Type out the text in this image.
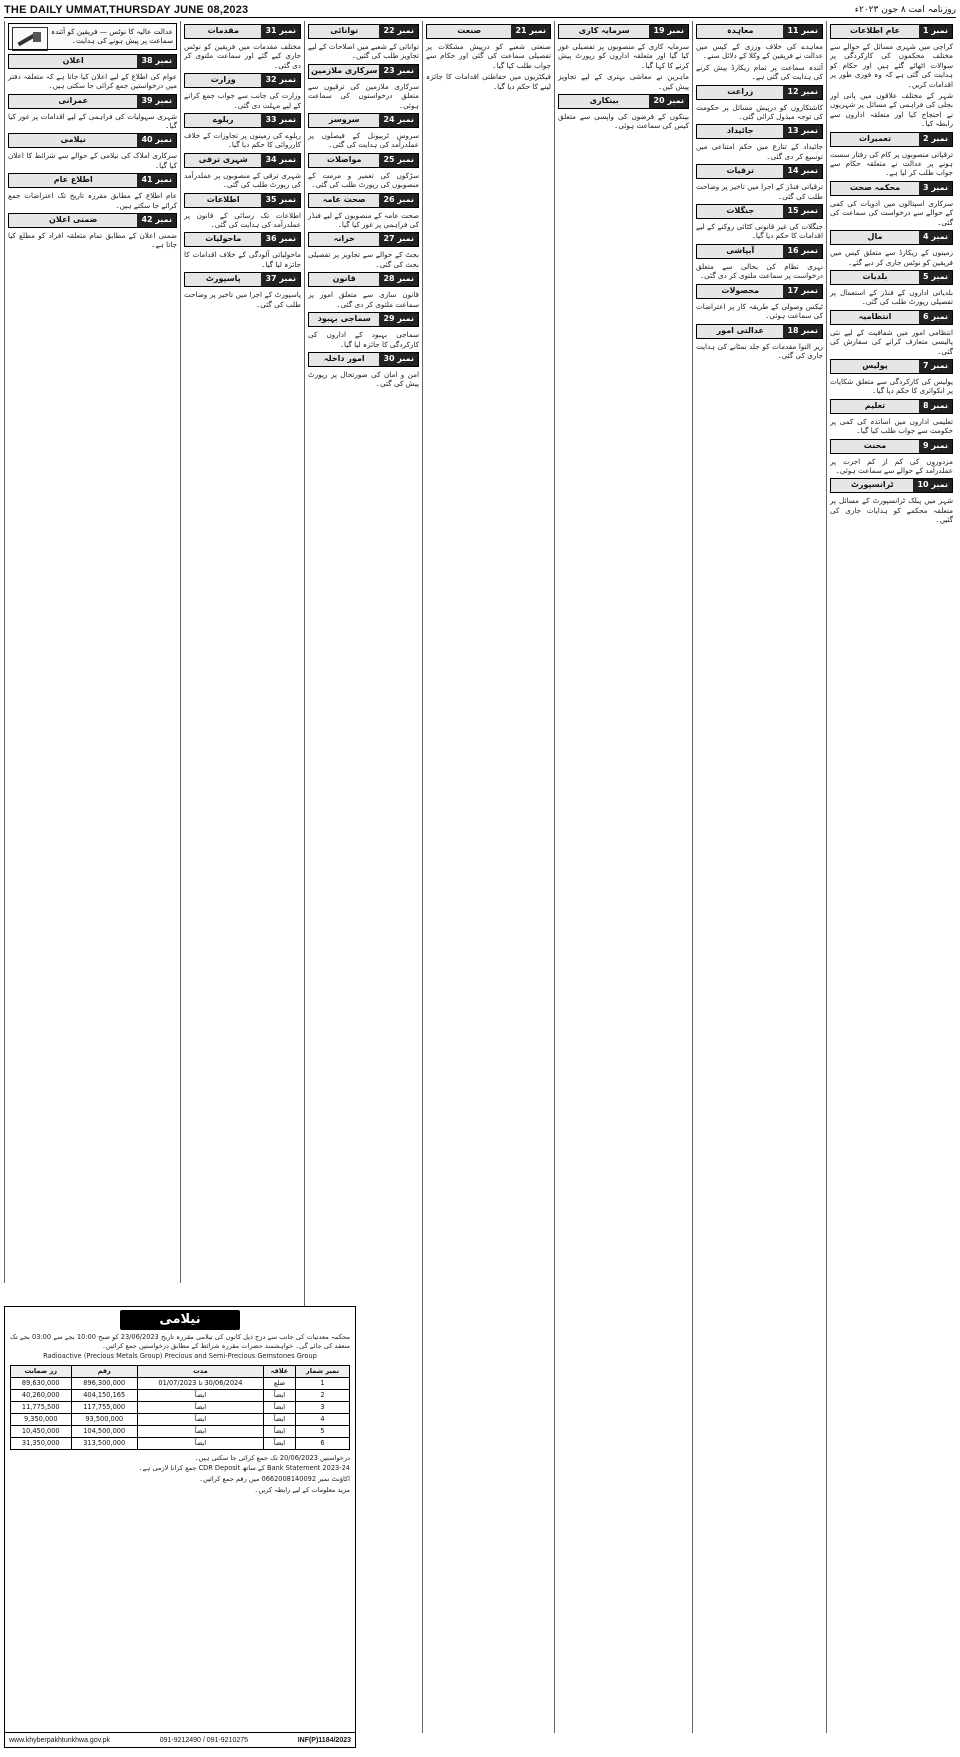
THE DAILY UMMAT,THURSDAY JUNE 08,2023	روزنامہ امت ۸ جون ۲۰۲۳ء
نمبر 1
عام اطلاعات

کراچی میں شہری مسائل کے حوالے سے مختلف محکموں کی کارکردگی پر سوالات اٹھائے گئے ہیں اور حکام کو ہدایت کی گئی ہے کہ وہ فوری طور پر اقدامات کریں۔

شہر کے مختلف علاقوں میں پانی اور بجلی کی فراہمی کے مسائل پر شہریوں نے احتجاج کیا اور متعلقہ اداروں سے رابطہ کیا۔

نمبر 2
تعمیرات

ترقیاتی منصوبوں پر کام کی رفتار سست ہونے پر عدالت نے متعلقہ حکام سے جواب طلب کر لیا ہے۔

نمبر 3
محکمہ صحت

سرکاری اسپتالوں میں ادویات کی کمی کے حوالے سے درخواست کی سماعت کی گئی۔

نمبر 4
مال

زمینوں کے ریکارڈ سے متعلق کیس میں فریقین کو نوٹس جاری کر دیے گئے۔

نمبر 5
بلدیات

بلدیاتی اداروں کے فنڈز کے استعمال پر تفصیلی رپورٹ طلب کی گئی۔

نمبر 6
انتظامیہ

انتظامی امور میں شفافیت کے لیے نئی پالیسی متعارف کرانے کی سفارش کی گئی۔

نمبر 7
پولیس

پولیس کی کارکردگی سے متعلق شکایات پر انکوائری کا حکم دیا گیا۔

نمبر 8
تعلیم

تعلیمی اداروں میں اساتذہ کی کمی پر حکومت سے جواب طلب کیا گیا۔

نمبر 9
محنت

مزدوروں کی کم از کم اجرت پر عملدرآمد کے حوالے سے سماعت ہوئی۔

نمبر 10
ٹرانسپورٹ

شہر میں پبلک ٹرانسپورٹ کے مسائل پر متعلقہ محکمے کو ہدایات جاری کی گئیں۔

نمبر 11
معاہدہ

معاہدے کی خلاف ورزی کے کیس میں عدالت نے فریقین کے وکلا کے دلائل سنے۔

آئندہ سماعت پر تمام ریکارڈ پیش کرنے کی ہدایت کی گئی ہے۔

نمبر 12
زراعت

کاشتکاروں کو درپیش مسائل پر حکومت کی توجہ مبذول کرائی گئی۔

نمبر 13
جائیداد

جائیداد کے تنازع میں حکم امتناعی میں توسیع کر دی گئی۔

نمبر 14
ترقیات

ترقیاتی فنڈز کے اجرا میں تاخیر پر وضاحت طلب کی گئی۔

نمبر 15
جنگلات

جنگلات کی غیر قانونی کٹائی روکنے کے لیے اقدامات کا حکم دیا گیا۔

نمبر 16
آبپاشی

نہری نظام کی بحالی سے متعلق درخواست پر سماعت ملتوی کر دی گئی۔

نمبر 17
محصولات

ٹیکس وصولی کے طریقہ کار پر اعتراضات کی سماعت ہوئی۔

نمبر 18
عدالتی امور

زیر التوا مقدمات کو جلد نمٹانے کی ہدایت جاری کی گئی۔

نمبر 19
سرمایہ کاری

سرمایہ کاری کے منصوبوں پر تفصیلی غور کیا گیا اور متعلقہ اداروں کو رپورٹ پیش کرنے کا کہا گیا۔

ماہرین نے معاشی بہتری کے لیے تجاویز پیش کیں۔

نمبر 20
بینکاری

بینکوں کے قرضوں کی واپسی سے متعلق کیس کی سماعت ہوئی۔

نمبر 21
صنعت

صنعتی شعبے کو درپیش مشکلات پر تفصیلی سماعت کی گئی اور حکام سے جواب طلب کیا گیا۔

فیکٹریوں میں حفاظتی اقدامات کا جائزہ لینے کا حکم دیا گیا۔

نمبر 22
توانائی

توانائی کے شعبے میں اصلاحات کے لیے تجاویز طلب کی گئیں۔

نمبر 23
سرکاری ملازمین

سرکاری ملازمین کی ترقیوں سے متعلق درخواستوں کی سماعت ہوئی۔

نمبر 24
سروسز

سروس ٹربیونل کے فیصلوں پر عملدرآمد کی ہدایت کی گئی۔

نمبر 25
مواصلات

سڑکوں کی تعمیر و مرمت کے منصوبوں کی رپورٹ طلب کی گئی۔

نمبر 26
صحت عامہ

صحت عامہ کے منصوبوں کے لیے فنڈز کی فراہمی پر غور کیا گیا۔

نمبر 27
خزانہ

بجٹ کے حوالے سے تجاویز پر تفصیلی بحث کی گئی۔

نمبر 28
قانون

قانون سازی سے متعلق امور پر سماعت ملتوی کر دی گئی۔

نمبر 29
سماجی بہبود

سماجی بہبود کے اداروں کی کارکردگی کا جائزہ لیا گیا۔

نمبر 30
امور داخلہ

امن و امان کی صورتحال پر رپورٹ پیش کی گئی۔

نمبر 31
مقدمات

مختلف مقدمات میں فریقین کو نوٹس جاری کیے گئے اور سماعت ملتوی کر دی گئی۔

نمبر 32
وزارت

وزارت کی جانب سے جواب جمع کرانے کے لیے مہلت دی گئی۔

نمبر 33
ریلوے

ریلوے کی زمینوں پر تجاوزات کے خلاف کارروائی کا حکم دیا گیا۔

نمبر 34
شہری ترقی

شہری ترقی کے منصوبوں پر عملدرآمد کی رپورٹ طلب کی گئی۔

نمبر 35
اطلاعات

اطلاعات تک رسائی کے قانون پر عملدرآمد کی ہدایت کی گئی۔

نمبر 36
ماحولیات

ماحولیاتی آلودگی کے خلاف اقدامات کا جائزہ لیا گیا۔

نمبر 37
پاسپورٹ

پاسپورٹ کے اجرا میں تاخیر پر وضاحت طلب کی گئی۔

عدالت عالیہ کا نوٹس — فریقین کو آئندہ سماعت پر پیش ہونے کی ہدایت۔
نمبر 38
اعلان

عوام کی اطلاع کے لیے اعلان کیا جاتا ہے کہ متعلقہ دفتر میں درخواستیں جمع کرائی جا سکتی ہیں۔

نمبر 39
عمرانی

شہری سہولیات کی فراہمی کے لیے اقدامات پر غور کیا گیا۔

نمبر 40
نیلامی

سرکاری املاک کی نیلامی کے حوالے سے شرائط کا اعلان کیا گیا۔

نمبر 41
اطلاع عام

عام اطلاع کے مطابق مقررہ تاریخ تک اعتراضات جمع کرائے جا سکتے ہیں۔

نمبر 42
ضمنی اعلان

ضمنی اعلان کے مطابق تمام متعلقہ افراد کو مطلع کیا جاتا ہے۔

نیلامی
محکمہ معدنیات کی جانب سے درج ذیل کانوں کی نیلامی مقررہ تاریخ 23/06/2023 کو صبح 10:00 بجے سے 03:00 بجے تک منعقد کی جائے گی۔ خواہشمند حضرات مقررہ شرائط کے مطابق درخواستیں جمع کرائیں۔
Radioactive (Precious Metals Group) Precious and Semi-Precious Gemstones Group
نمبر شمار	علاقہ	مدت	رقم	زر ضمانت
1	ضلع	30/06/2024 تا 01/07/2023	896,300,000	89,630,000
2	ایضاً	ایضاً	404,150,165	40,260,000
3	ایضاً	ایضاً	117,755,000	11,775,500
4	ایضاً	ایضاً	93,500,000	9,350,000
5	ایضاً	ایضاً	104,500,000	10,450,000
6	ایضاً	ایضاً	313,500,000	31,350,000

درخواستیں 20/06/2023 تک جمع کرائی جا سکتی ہیں۔

Bank Statement 2023-24 کے ساتھ CDR Deposit جمع کرانا لازمی ہے۔

اکاؤنٹ نمبر 0662008140092 میں رقم جمع کرائیں۔

مزید معلومات کے لیے رابطہ کریں۔

www.khyberpakhtunkhwa.gov.pk	091-9212490 / 091-9210275	INF(P)1184/2023
